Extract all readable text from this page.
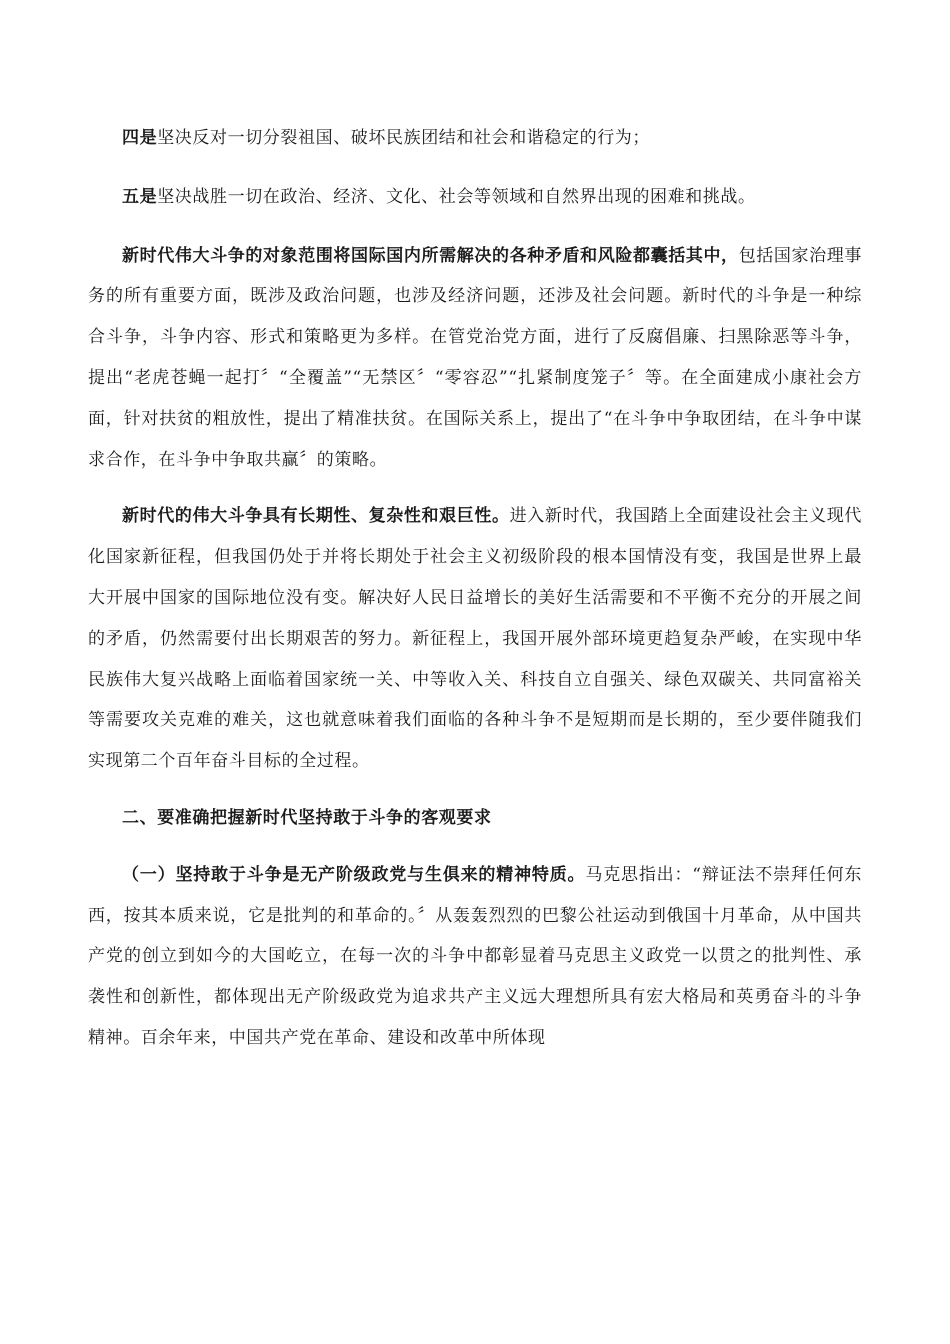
四是坚决反对一切分裂祖国、破坏民族团结和社会和谐稳定的行为；

五是坚决战胜一切在政治、经济、文化、社会等领域和自然界出现的困难和挑战。

新时代伟大斗争的对象范围将国际国内所需解决的各种矛盾和风险都囊括其中，包括国家治理事务的所有重要方面，既涉及政治问题，也涉及经济问题，还涉及社会问题。新时代的斗争是一种综合斗争，斗争内容、形式和策略更为多样。在管党治党方面，进行了反腐倡廉、扫黑除恶等斗争，提出“老虎苍蝇一起打〞“全覆盖”“无禁区〞“零容忍”“扎紧制度笼子〞等。在全面建成小康社会方面，针对扶贫的粗放性，提出了精准扶贫。在国际关系上，提出了“在斗争中争取团结，在斗争中谋求合作，在斗争中争取共赢〞的策略。

新时代的伟大斗争具有长期性、复杂性和艰巨性。进入新时代，我国踏上全面建设社会主义现代化国家新征程，但我国仍处于并将长期处于社会主义初级阶段的根本国情没有变，我国是世界上最大开展中国家的国际地位没有变。解决好人民日益增长的美好生活需要和不平衡不充分的开展之间的矛盾，仍然需要付出长期艰苦的努力。新征程上，我国开展外部环境更趋复杂严峻，在实现中华民族伟大复兴战略上面临着国家统一关、中等收入关、科技自立自强关、绿色双碳关、共同富裕关等需要攻关克难的难关，这也就意味着我们面临的各种斗争不是短期而是长期的，至少要伴随我们实现第二个百年奋斗目标的全过程。

二、要准确把握新时代坚持敢于斗争的客观要求

（一）坚持敢于斗争是无产阶级政党与生俱来的精神特质。马克思指出：“辩证法不崇拜任何东西，按其本质来说，它是批判的和革命的。〞从轰轰烈烈的巴黎公社运动到俄国十月革命，从中国共产党的创立到如今的大国屹立，在每一次的斗争中都彰显着马克思主义政党一以贯之的批判性、承袭性和创新性，都体现出无产阶级政党为追求共产主义远大理想所具有宏大格局和英勇奋斗的斗争精神。百余年来，中国共产党在革命、建设和改革中所体现
